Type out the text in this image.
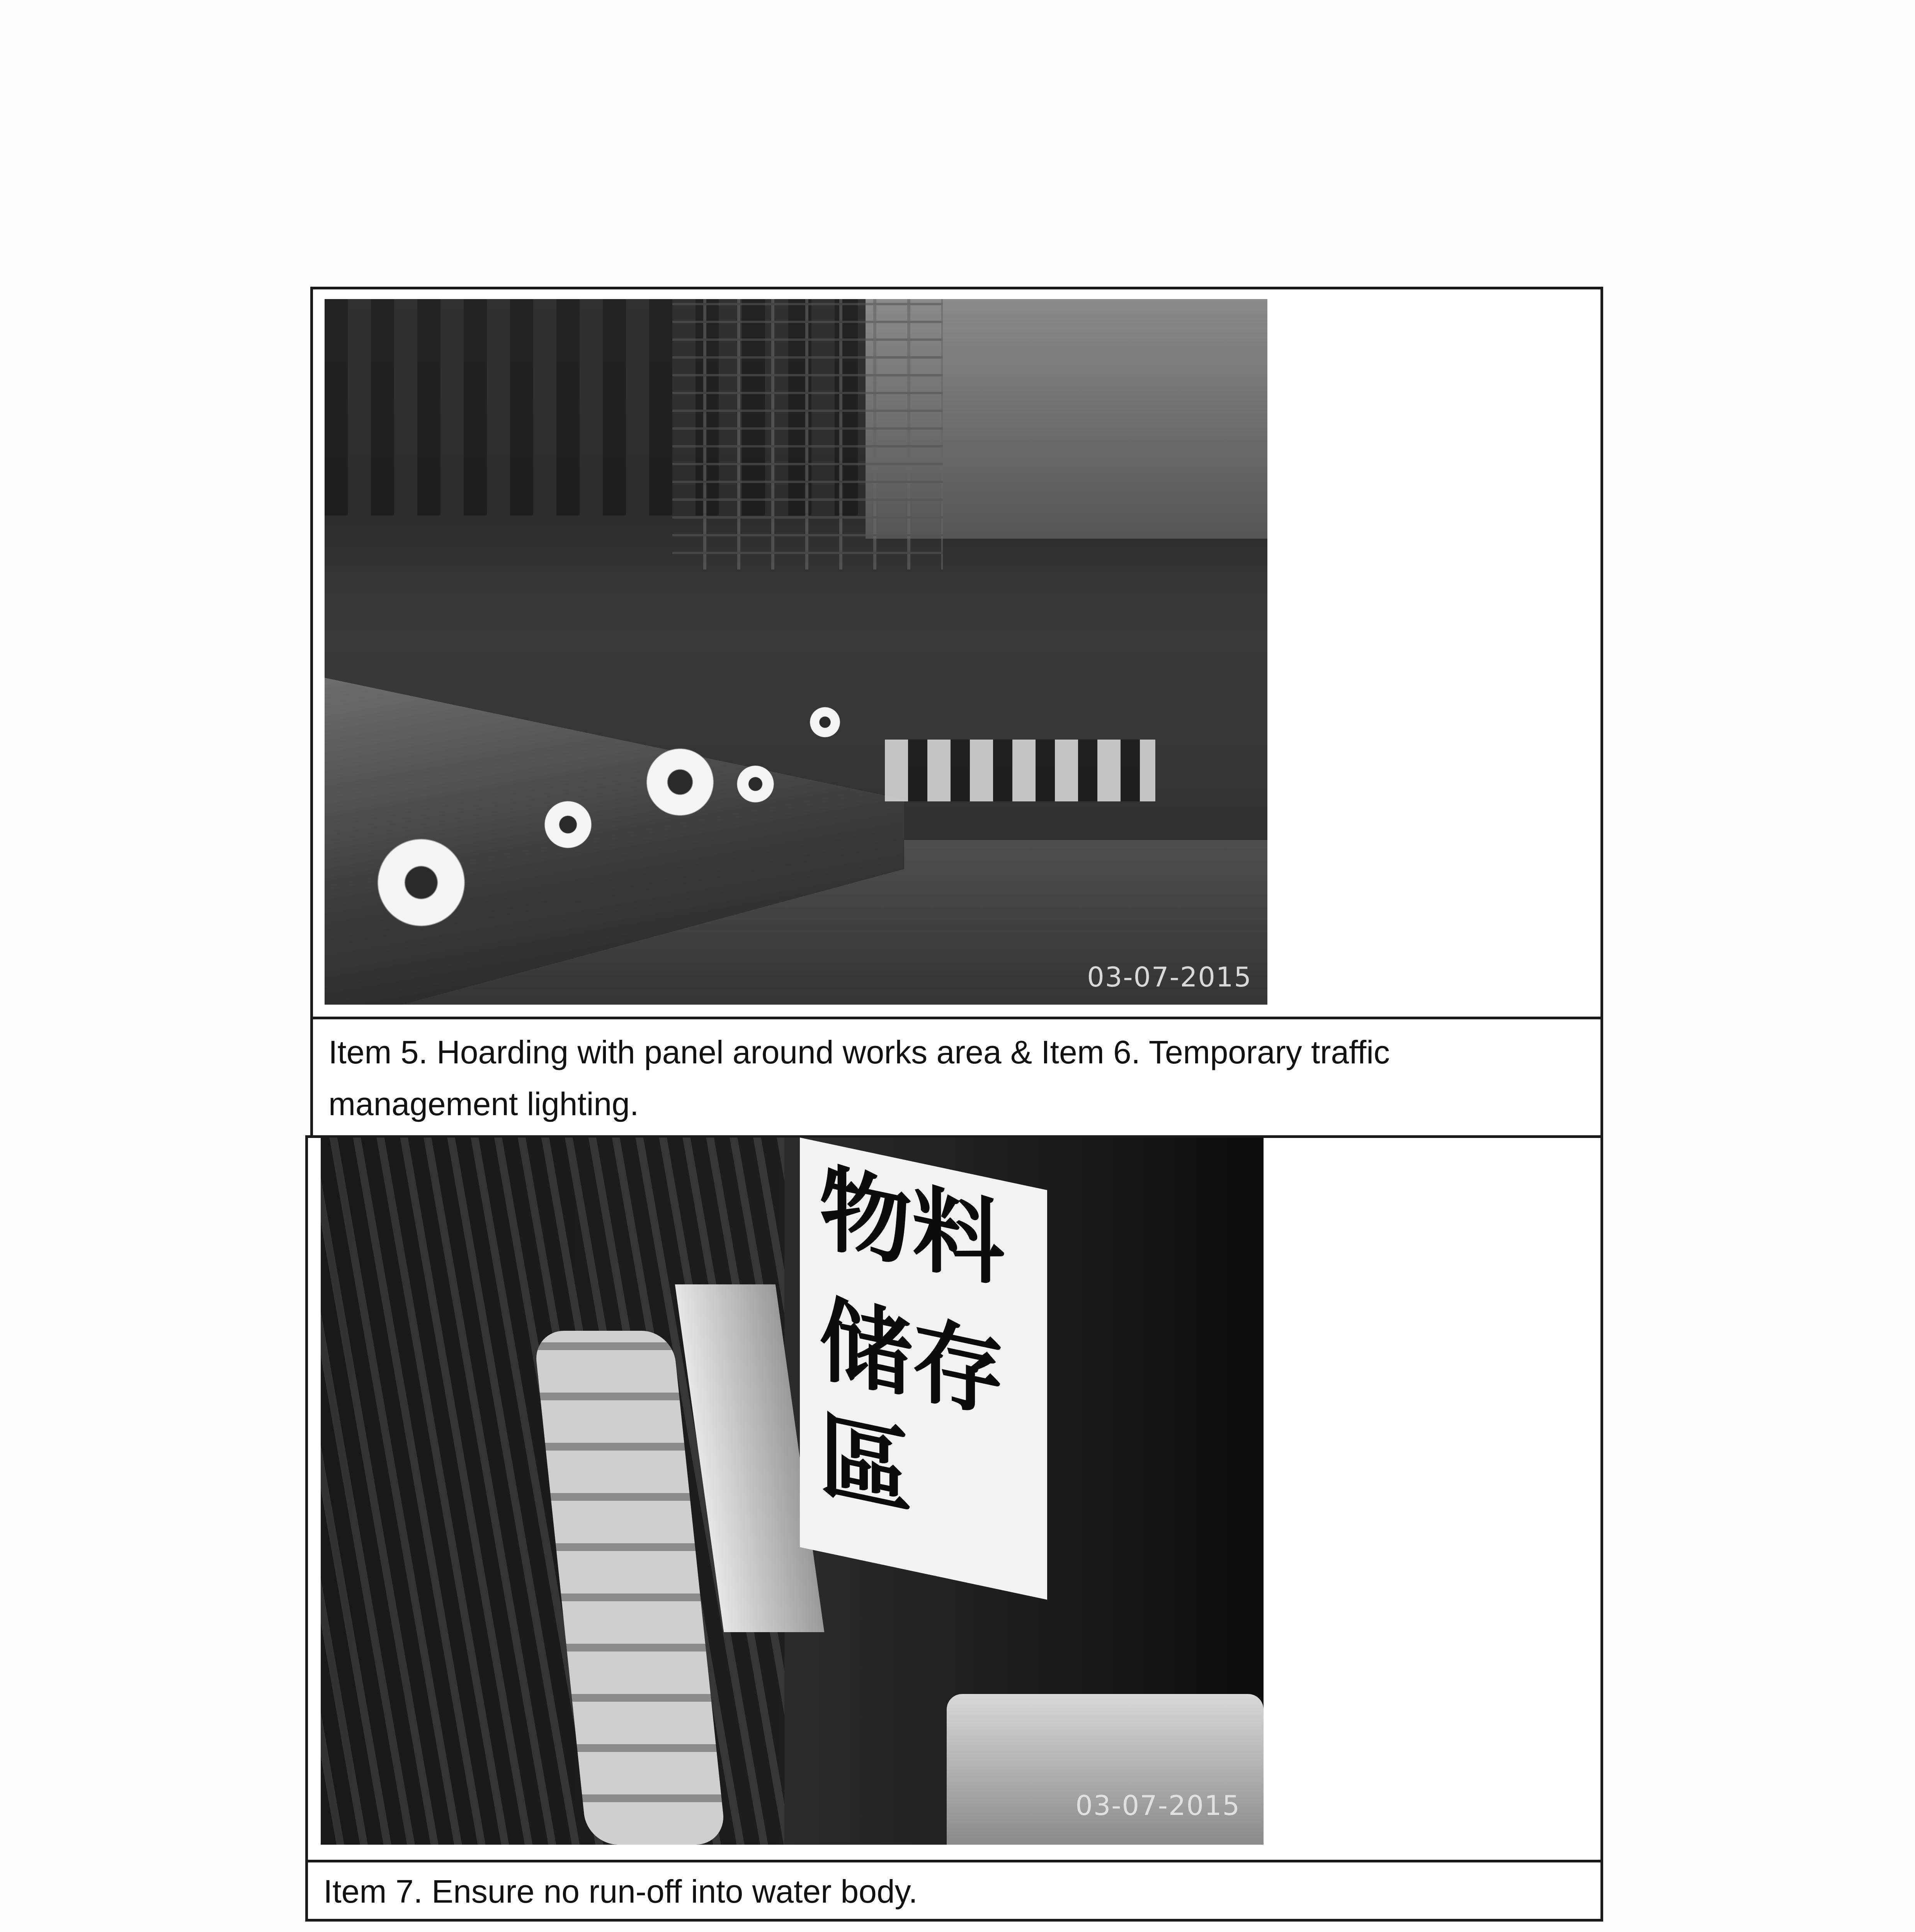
03-07-2015
Item 5. Hoarding with panel around works area & Item 6. Temporary traffic
management lighting.
物料
储存區
03-07-2015
Item 7. Ensure no run-off into water body.
